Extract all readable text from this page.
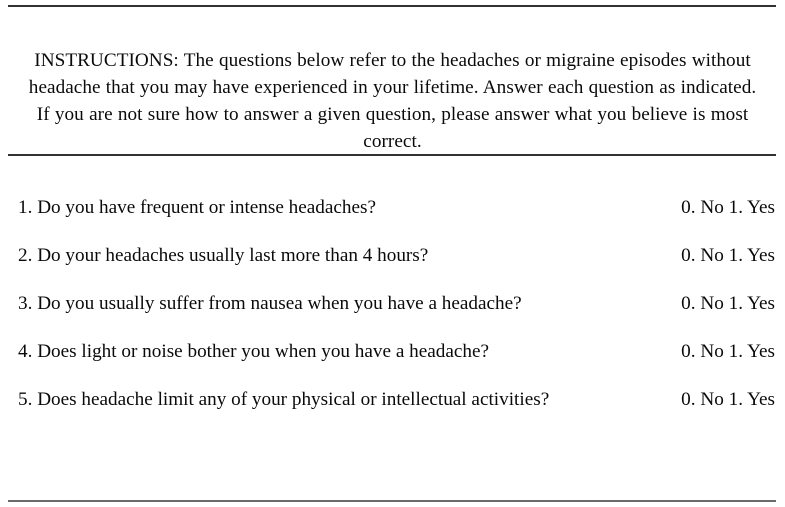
INSTRUCTIONS: The questions below refer to the headaches or migraine episodes without headache that you may have experienced in your lifetime. Answer each question as indicated. If you are not sure how to answer a given question, please answer what you believe is most correct.

1. Do you have frequent or intense headaches?	0. No 1. Yes
2. Do your headaches usually last more than 4 hours?	0. No 1. Yes
3. Do you usually suffer from nausea when you have a headache?	0. No 1. Yes
4. Does light or noise bother you when you have a headache?	0. No 1. Yes
5. Does headache limit any of your physical or intellectual activities?	0. No 1. Yes
